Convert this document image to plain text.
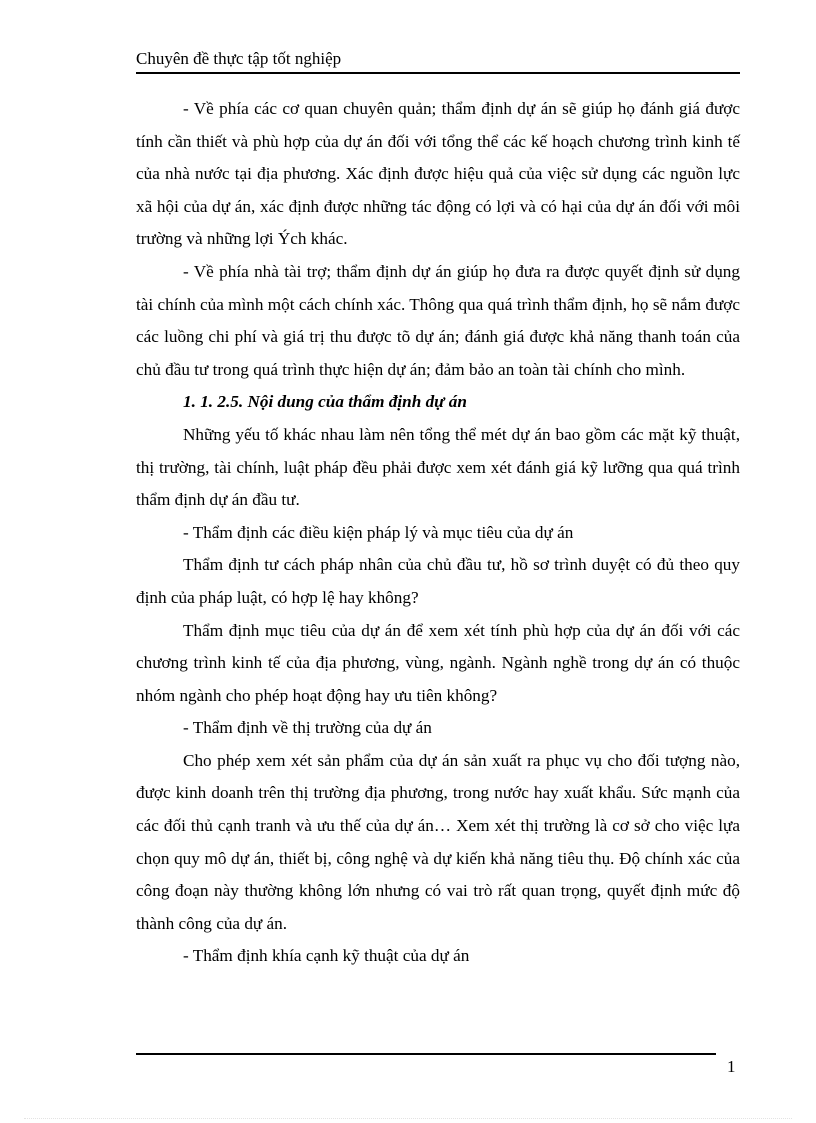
Chuyên đề thực tập tốt nghiệp

- Về phía các cơ quan chuyên quản; thẩm định dự án sẽ giúp họ đánh giá được tính cần thiết và phù hợp của dự án đối với tổng thể các kế hoạch chương trình kinh tế của nhà nước tại địa phương. Xác định được hiệu quả của việc sử dụng các nguồn lực xã hội của dự án, xác định được những tác động có lợi và có hại của dự án đối với môi trường và những lợi Ých khác.

- Về phía nhà tài trợ; thẩm định dự án giúp họ đưa ra được quyết định sử dụng tài chính của mình một cách chính xác. Thông qua quá trình thẩm định, họ sẽ nắm được các luồng chi phí và giá trị thu được tõ dự án; đánh giá được khả năng thanh toán của chủ đầu tư trong quá trình thực hiện dự án; đảm bảo an toàn tài chính cho mình.

1. 1. 2.5. Nội dung của thẩm định dự án

Những yếu tố khác nhau làm nên tổng thể mét dự án bao gồm các mặt kỹ thuật, thị trường, tài chính, luật pháp đều phải được xem xét đánh giá kỹ lưỡng qua quá trình thẩm định dự án đầu tư.

- Thẩm định các điều kiện pháp lý và mục tiêu của dự án

Thẩm định tư cách pháp nhân của chủ đầu tư, hồ sơ trình duyệt có đủ theo quy định của pháp luật, có hợp lệ hay không?

Thẩm định mục tiêu của dự án để xem xét tính phù hợp của dự án đối với các chương trình kinh tế của địa phương, vùng, ngành. Ngành nghề trong dự án có thuộc nhóm ngành cho phép hoạt động hay ưu tiên không?

- Thẩm định về thị trường của dự án

Cho phép xem xét sản phẩm của dự án sản xuất ra phục vụ cho đối tượng nào, được kinh doanh trên thị trường địa phương, trong nước hay xuất khẩu. Sức mạnh của các đối thủ cạnh tranh và ưu thế của dự án… Xem xét thị trường là cơ sở cho việc lựa chọn quy mô dự án, thiết bị, công nghệ và dự kiến khả năng tiêu thụ. Độ chính xác của công đoạn này thường không lớn nhưng có vai trò rất quan trọng, quyết định mức độ thành công của dự án.

- Thẩm định khía cạnh kỹ thuật của dự án

1
